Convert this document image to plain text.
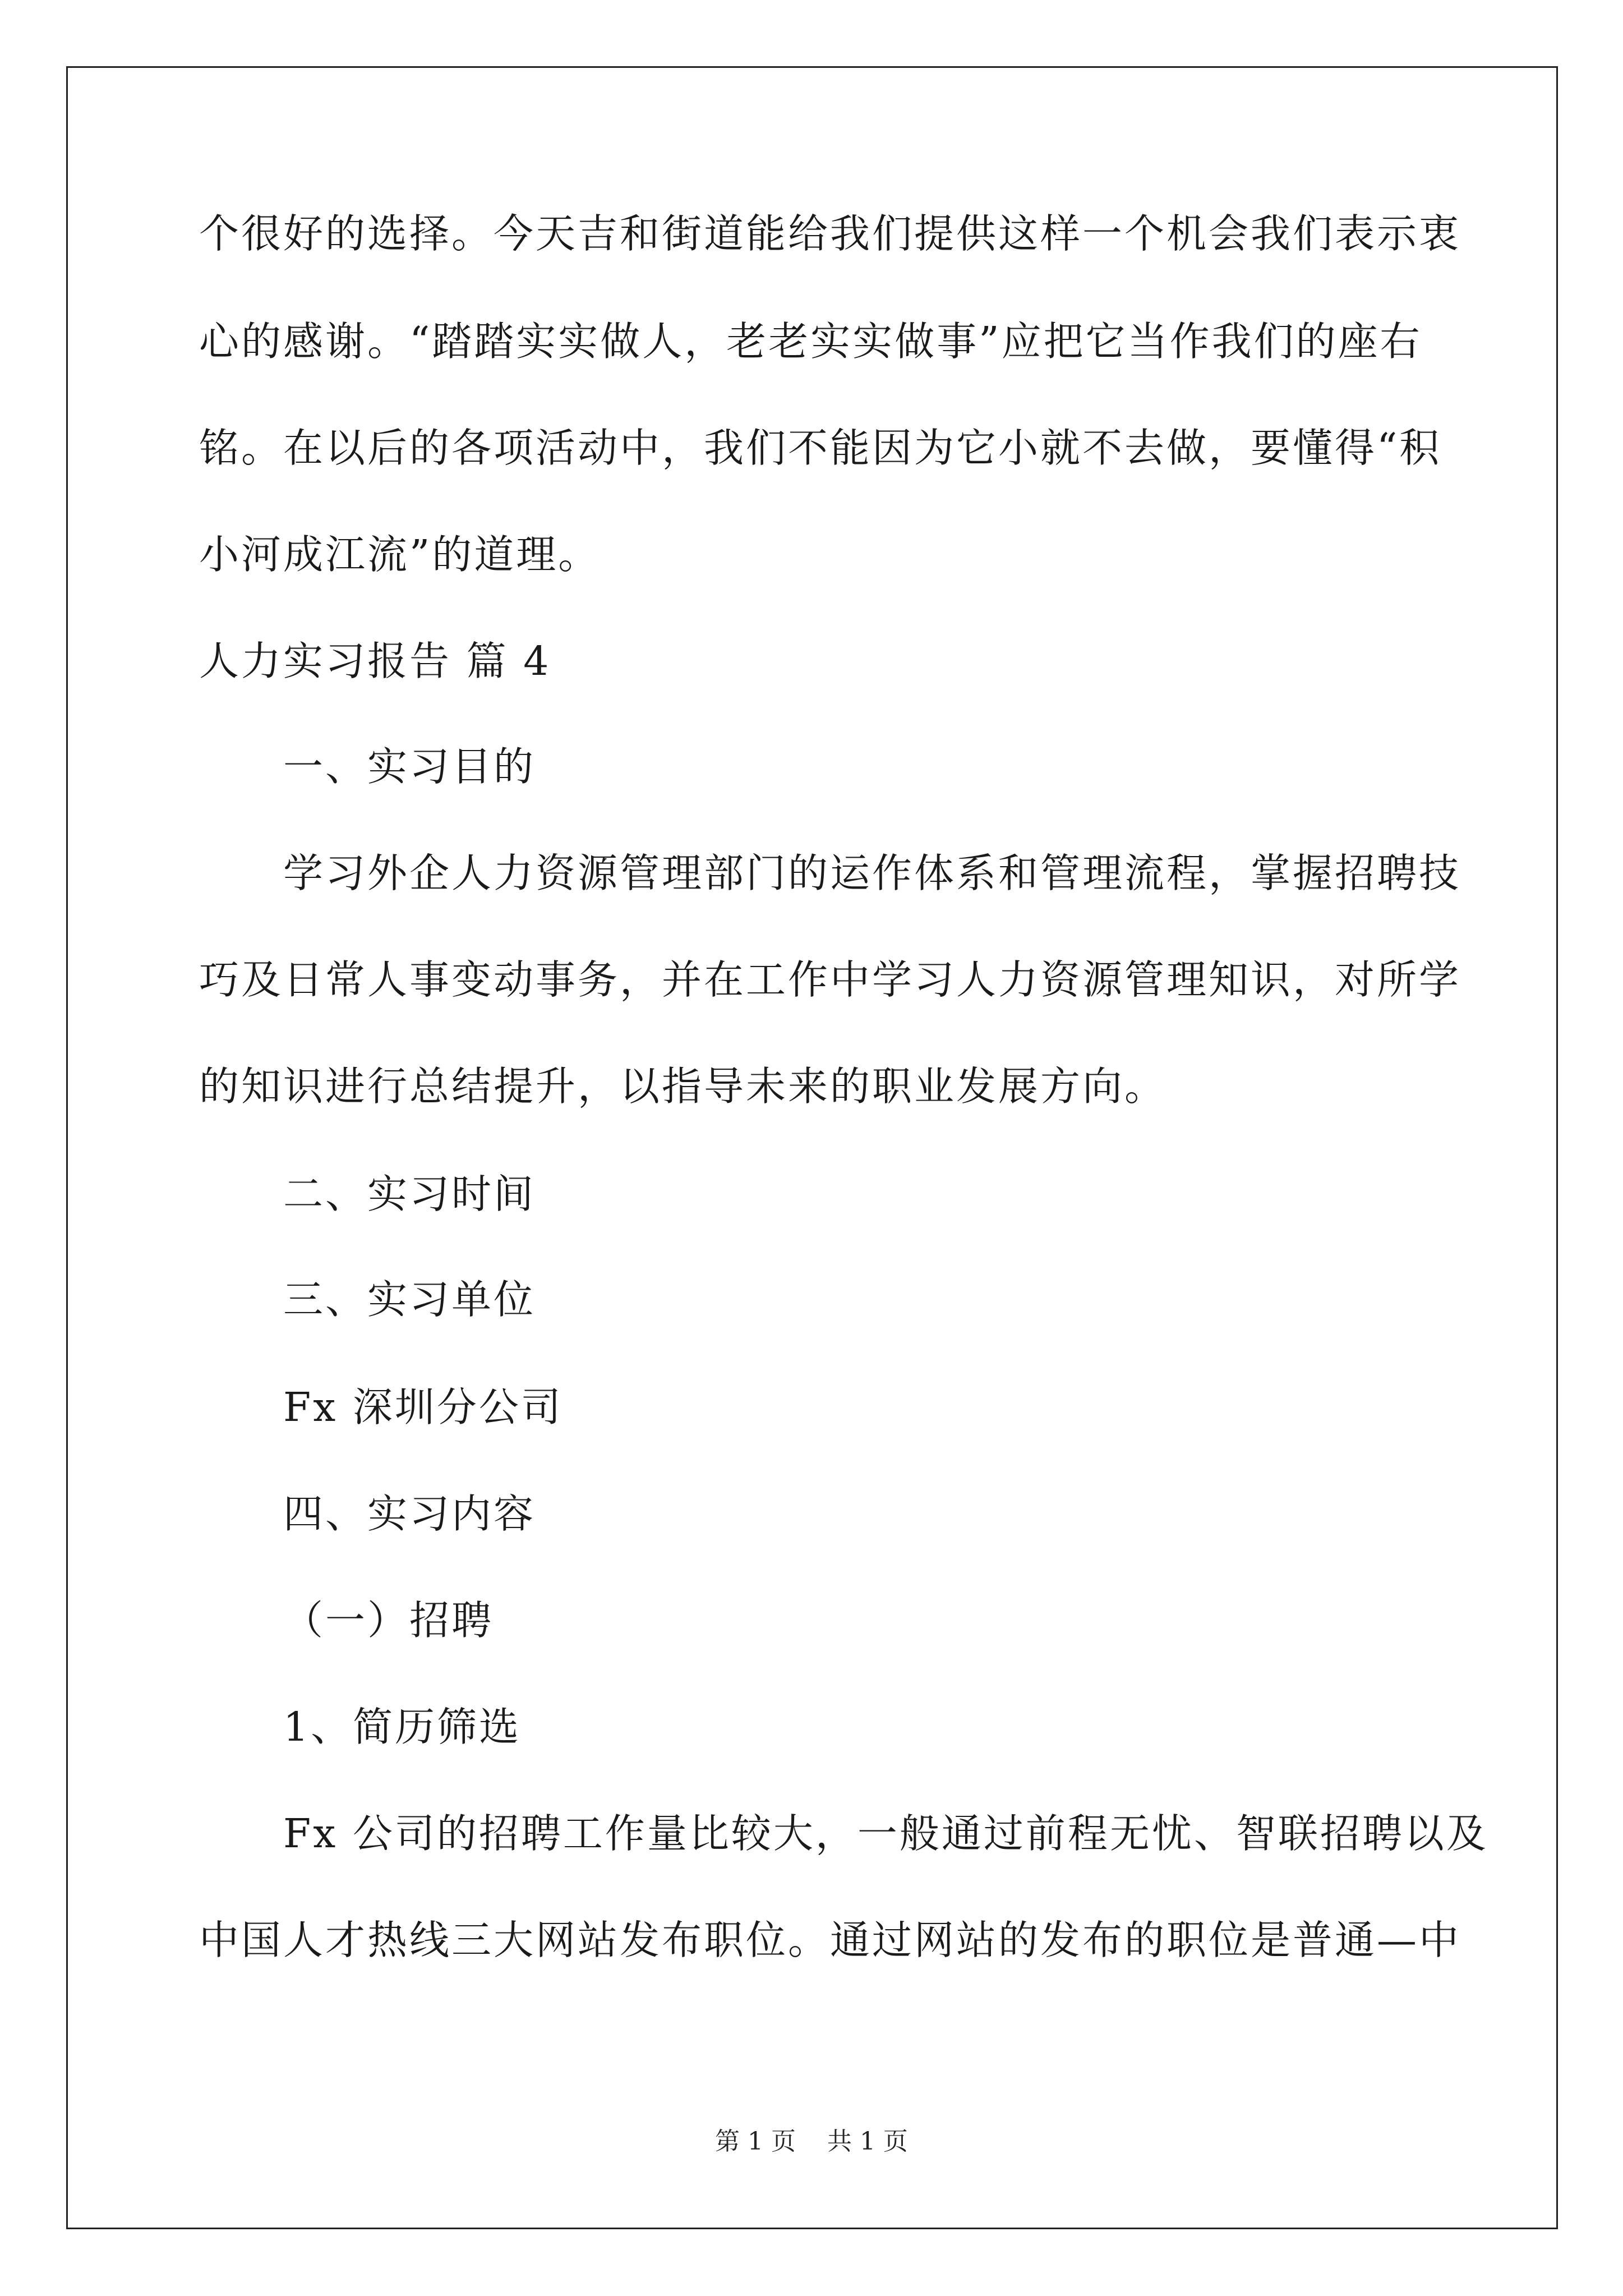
个很好的选择。今天吉和街道能给我们提供这样一个机会我们表示衷
心的感谢。“踏踏实实做人，老老实实做事”应把它当作我们的座右
铭。在以后的各项活动中，我们不能因为它小就不去做，要懂得“积
小河成江流”的道理。
人力实习报告 篇 4
一、实习目的
学习外企人力资源管理部门的运作体系和管理流程，掌握招聘技
巧及日常人事变动事务，并在工作中学习人力资源管理知识，对所学
的知识进行总结提升，以指导未来的职业发展方向。
二、实习时间
三、实习单位
Fx 深圳分公司
四、实习内容
（一）招聘
1、简历筛选
Fx 公司的招聘工作量比较大，一般通过前程无忧、智联招聘以及
中国人才热线三大网站发布职位。通过网站的发布的职位是普通—中
第 1 页    共 1 页
